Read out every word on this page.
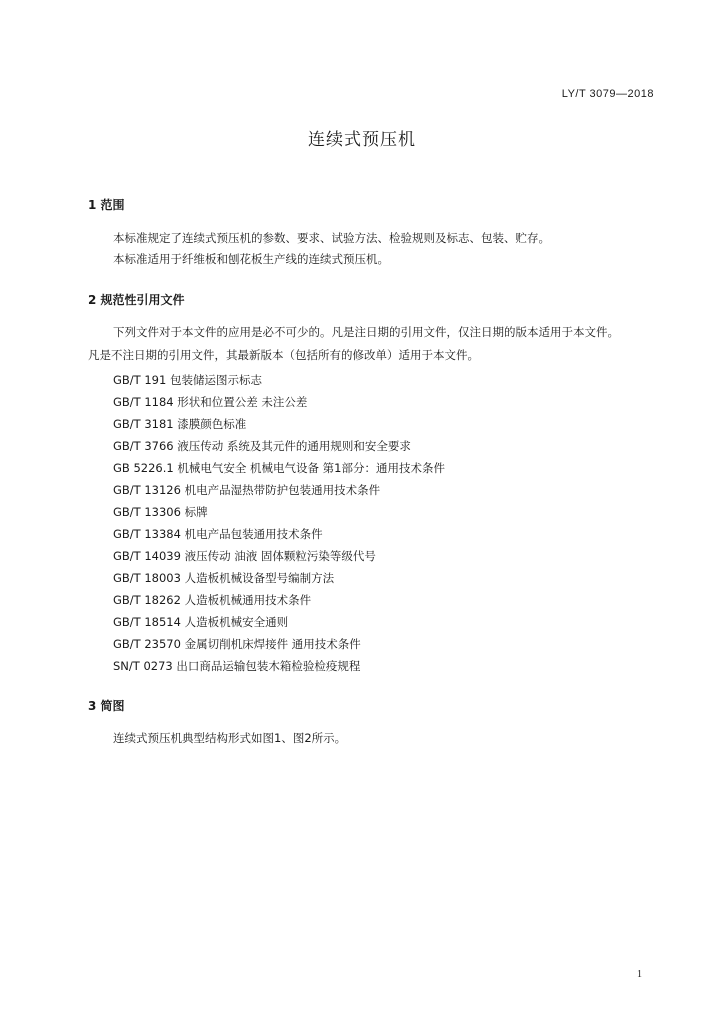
LY/T 3079—2018
连续式预压机
1 范围
本标准规定了连续式预压机的参数、要求、试验方法、检验规则及标志、包装、贮存。
本标准适用于纤维板和刨花板生产线的连续式预压机。
2 规范性引用文件
下列文件对于本文件的应用是必不可少的。凡是注日期的引用文件，仅注日期的版本适用于本文件。
凡是不注日期的引用文件，其最新版本（包括所有的修改单）适用于本文件。
GB/T 191 包装储运图示标志
GB/T 1184 形状和位置公差 未注公差
GB/T 3181 漆膜颜色标准
GB/T 3766 液压传动 系统及其元件的通用规则和安全要求
GB 5226.1 机械电气安全 机械电气设备 第1部分：通用技术条件
GB/T 13126 机电产品湿热带防护包装通用技术条件
GB/T 13306 标牌
GB/T 13384 机电产品包装通用技术条件
GB/T 14039 液压传动 油液 固体颗粒污染等级代号
GB/T 18003 人造板机械设备型号编制方法
GB/T 18262 人造板机械通用技术条件
GB/T 18514 人造板机械安全通则
GB/T 23570 金属切削机床焊接件 通用技术条件
SN/T 0273 出口商品运输包装木箱检验检疫规程
3 简图
连续式预压机典型结构形式如图1、图2所示。
1
